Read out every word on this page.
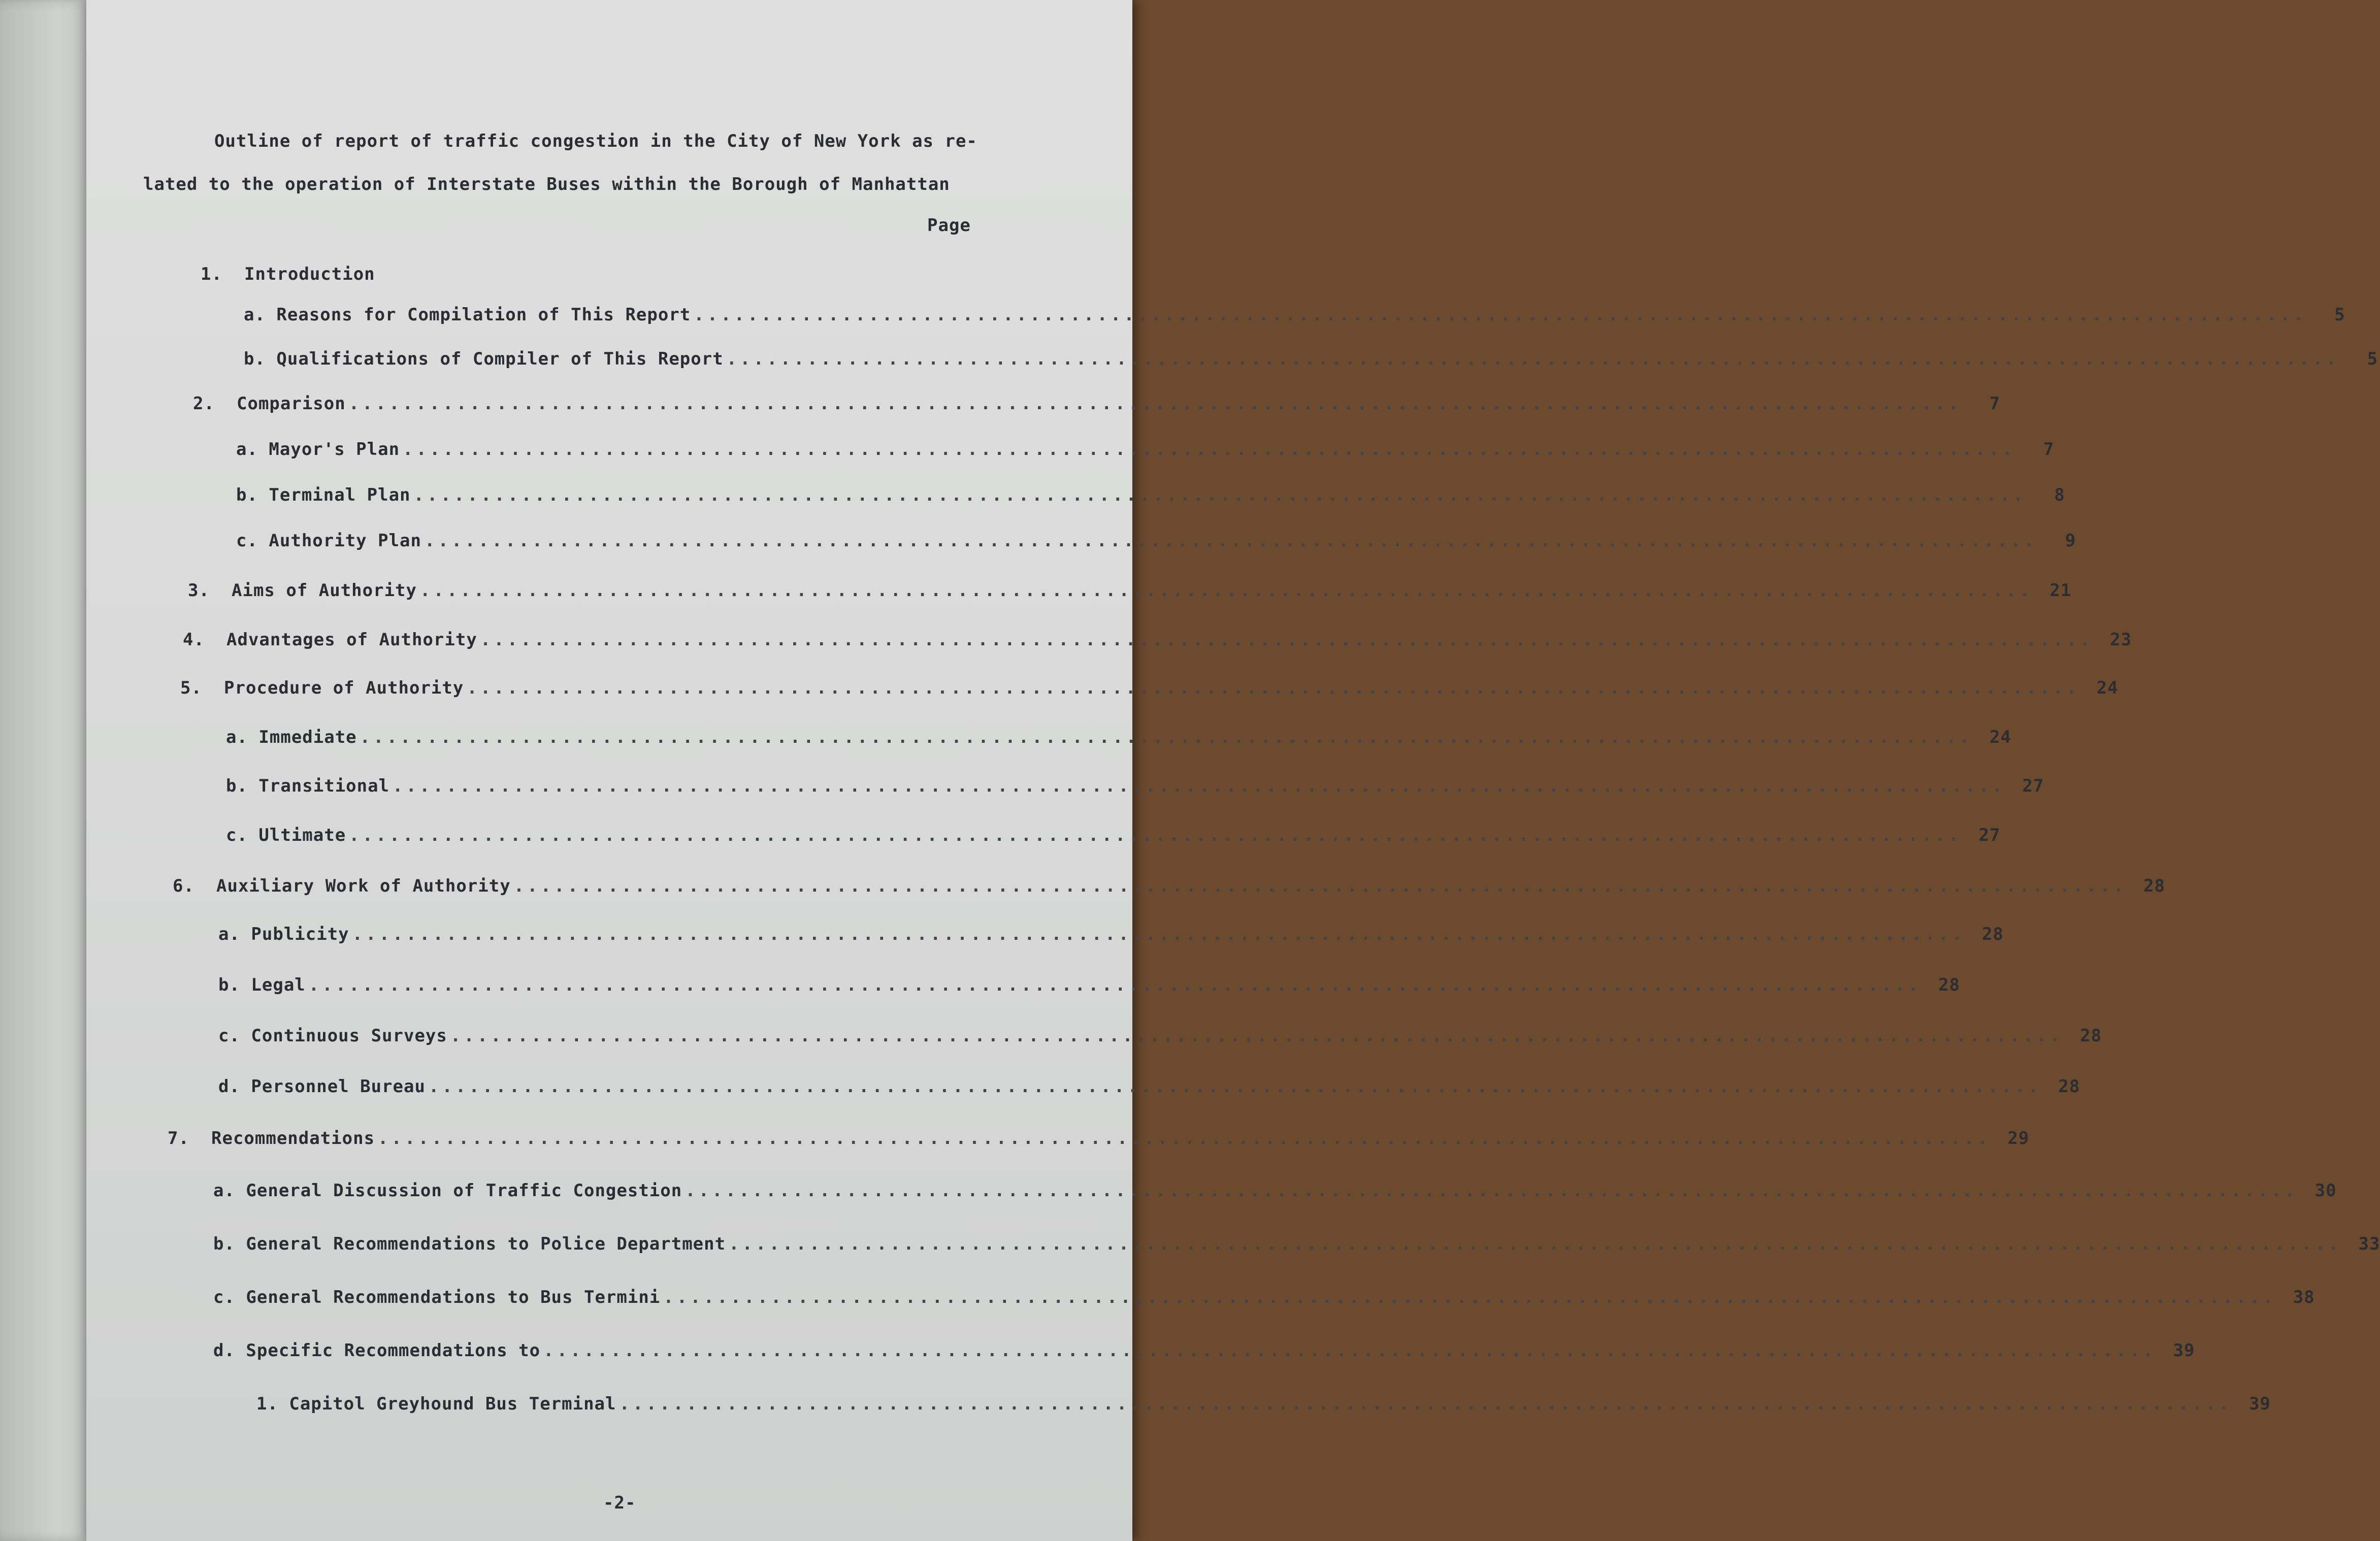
Outline of report of traffic congestion in the City of New York as re-
lated to the operation of Interstate Buses within the Borough of Manhattan
Page
1.	Introduction
a. Reasons for Compilation of This Report ........................................................................................................................	5
b. Qualifications of Compiler of This Report ........................................................................................................................	5
2.	Comparison ........................................................................................................................	7
a. Mayor's Plan ........................................................................................................................	7
b. Terminal Plan ........................................................................................................................	8
c. Authority Plan ........................................................................................................................	9
3.	Aims of Authority ........................................................................................................................ 21
4.	Advantages of Authority ........................................................................................................................ 23
5.	Procedure of Authority ........................................................................................................................ 24
a. Immediate ........................................................................................................................ 24
b. Transitional ........................................................................................................................ 27
c. Ultimate ........................................................................................................................ 27
6.	Auxiliary Work of Authority ........................................................................................................................ 28
a. Publicity ........................................................................................................................ 28
b. Legal ........................................................................................................................ 28
c. Continuous Surveys ........................................................................................................................ 28
d. Personnel Bureau ........................................................................................................................ 28
7.	Recommendations ........................................................................................................................ 29
a. General Discussion of Traffic Congestion ........................................................................................................................ 30
b. General Recommendations to Police Department ........................................................................................................................ 33
c. General Recommendations to Bus Termini ........................................................................................................................ 38
d. Specific Recommendations to ........................................................................................................................ 39
1. Capitol Greyhound Bus Terminal ........................................................................................................................ 39
-2-
